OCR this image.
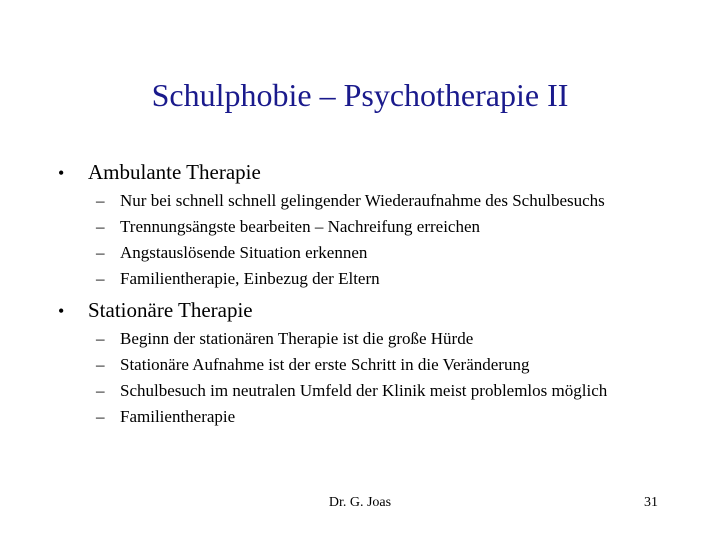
Schulphobie – Psychotherapie II
•	Ambulante Therapie
– Nur bei schnell schnell gelingender Wiederaufnahme des Schulbesuchs
– Trennungsängste bearbeiten – Nachreifung erreichen
– Angstauslösende Situation erkennen
– Familientherapie, Einbezug der Eltern
•	Stationäre Therapie
– Beginn der stationären Therapie ist die große Hürde
– Stationäre Aufnahme ist der erste Schritt in die Veränderung
– Schulbesuch im neutralen Umfeld der Klinik meist problemlos möglich
– Familientherapie
Dr. G. Joas	31
